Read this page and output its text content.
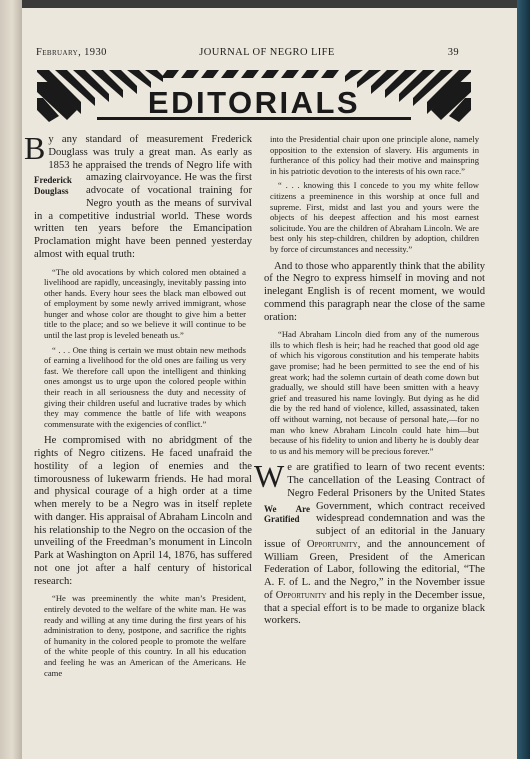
February, 1930	JOURNAL OF NEGRO LIFE	39
EDITORIALS

By any standard of measurement Frederick Douglass was truly a great man. As early as 1853 he appraised the trends of Negro life with amazing clairvoyance.
Frederick Douglass
He was the first advocate of vocational training for Negro youth as the means of survival in a competitive industrial world. These words written ten years before the Emancipation Proclamation might have been penned yesterday almost with equal truth:

“The old avocations by which colored men obtained a livelihood are rapidly, unceasingly, inevitably passing into other hands. Every hour sees the black man elbowed out of employment by some newly arrived immigrant, whose hunger and whose color are thought to give him a better title to the place; and so we believe it will continue to be until the last prop is leveled beneath us.”

“ . . . One thing is certain we must obtain new methods of earning a livelihood for the old ones are failing us very fast. We therefore call upon the intelligent and thinking ones amongst us to urge upon the colored people within their reach in all seriousness the duty and necessity of giving their children useful and lucrative trades by which they may commence the battle of life with weapons commensurate with the exigencies of conflict.”

He compromised with no abridgment of the rights of Negro citizens. He faced unafraid the hostility of a legion of enemies and the timorousness of lukewarm friends. He had moral and physical courage of a high order at a time when merely to be a Negro was in itself replete with danger. His appraisal of Abraham Lincoln and his relationship to the Negro on the occasion of the unveiling of the Freedman’s monument in Lincoln Park at Washington on April 14, 1876, has suffered not one jot after a half century of historical research:

“He was preeminently the white man’s President, entirely devoted to the welfare of the white man. He was ready and willing at any time during the first years of his administration to deny, postpone, and sacrifice the rights of humanity in the colored people to promote the welfare of the white people of this country. In all his education and feeling he was an American of the Americans. He came

into the Presidential chair upon one principle alone, namely opposition to the extension of slavery. His arguments in furtherance of this policy had their motive and mainspring in his patriotic devotion to the interests of his own race.”

“ . . . knowing this I concede to you my white fellow citizens a preeminence in this worship at once full and supreme. First, midst and last you and yours were the objects of his deepest affection and his most earnest solicitude. You are the children of Abraham Lincoln. We are best only his step-children, children by adoption, children by force of circumstances and necessity.”

And to those who apparently think that the ability of the Negro to express himself in moving and not inelegant English is of recent moment, we would commend this paragraph near the close of the same oration:

“Had Abraham Lincoln died from any of the numerous ills to which flesh is heir; had he reached that good old age of which his vigorous constitution and his temperate habits gave promise; had he been permitted to see the end of his great work; had the solemn curtain of death come down but gradually, we should still have been smitten with a heavy grief and treasured his name lovingly. But dying as he did die by the red hand of violence, killed, assassinated, taken off without warning, not because of personal hate,—for no man who knew Abraham Lincoln could hate him—but because of his fidelity to union and liberty he is doubly dear to us and his memory will be precious forever.”

We are gratified to learn of two recent events: The cancellation of the Leasing Contract of Negro Federal Prisoners by the United States Government,
We Are Gratified
which contract received widespread condemnation and was the subject of an editorial in the January issue of Opportunity, and the announcement of William Green, President of the American Federation of Labor, following the editorial, “The A. F. of L. and the Negro,” in the November issue of Opportunity and his reply in the December issue, that a special effort is to be made to organize black workers.
